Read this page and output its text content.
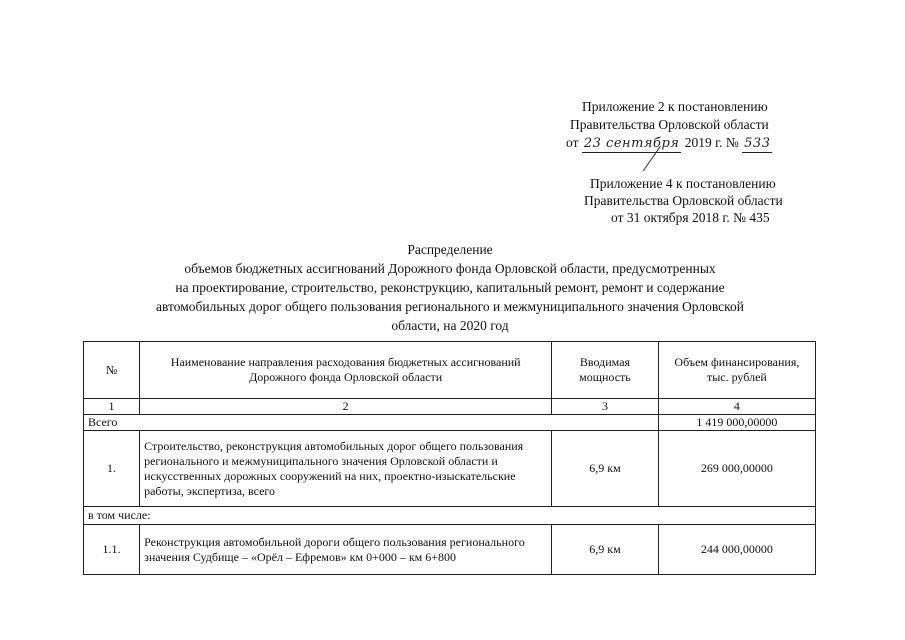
Приложение 2 к постановлению
Правительства Орловской области
от 23 сентября 2019 г. № 533
Приложение 4 к постановлению
Правительства Орловской области
от 31 октября 2018 г. № 435
Распределение
объемов бюджетных ассигнований Дорожного фонда Орловской области, предусмотренных
на проектирование, строительство, реконструкцию, капитальный ремонт, ремонт и содержание
автомобильных дорог общего пользования регионального и межмуниципального значения Орловской
области, на 2020 год
№	Наименование направления расходования бюджетных ассигнований Дорожного фонда Орловской области	Вводимая мощность	Объем финансирования, тыс. рублей
1	2	3	4
Всего			1 419 000,00000
1.	Строительство, реконструкция автомобильных дорог общего пользования регионального и межмуниципального значения Орловской области и искусственных дорожных сооружений на них, проектно-изыскательские работы, экспертиза, всего	6,9 км	269 000,00000
в том числе:			
1.1.	Реконструкция автомобильной дороги общего пользования регионального значения Судбище – «Орёл – Ефремов» км 0+000 – км 6+800	6,9 км	244 000,00000
